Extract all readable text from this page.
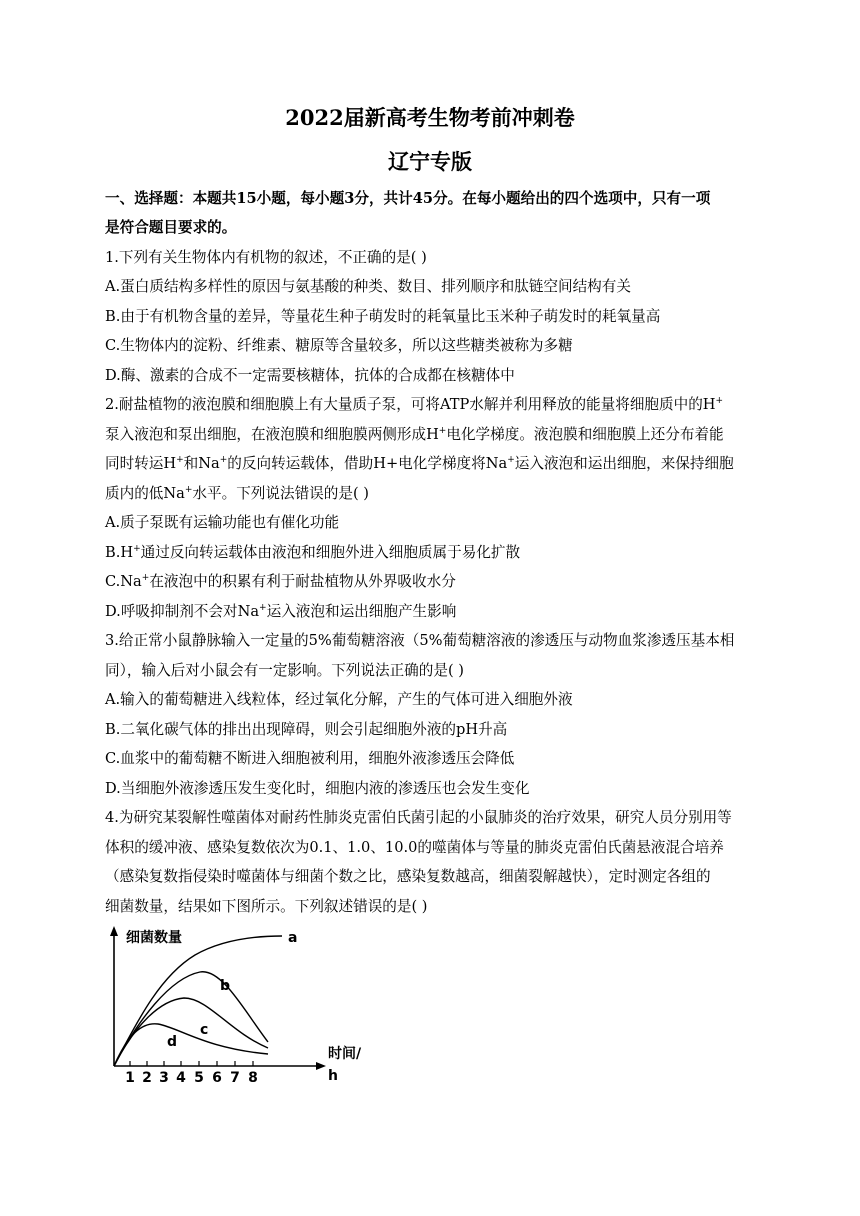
2022届新高考生物考前冲刺卷
辽宁专版
一、选择题：本题共15小题，每小题3分，共计45分。在每小题给出的四个选项中，只有一项
是符合题目要求的。
1.下列有关生物体内有机物的叙述，不正确的是( )
A.蛋白质结构多样性的原因与氨基酸的种类、数目、排列顺序和肽链空间结构有关
B.由于有机物含量的差异，等量花生种子萌发时的耗氧量比玉米种子萌发时的耗氧量高
C.生物体内的淀粉、纤维素、糖原等含量较多，所以这些糖类被称为多糖
D.酶、激素的合成不一定需要核糖体，抗体的合成都在核糖体中
2.耐盐植物的液泡膜和细胞膜上有大量质子泵，可将ATP水解并利用释放的能量将细胞质中的H+
泵入液泡和泵出细胞，在液泡膜和细胞膜两侧形成H+电化学梯度。液泡膜和细胞膜上还分布着能
同时转运H+和Na+的反向转运载体，借助H+电化学梯度将Na+运入液泡和运出细胞，来保持细胞
质内的低Na+水平。下列说法错误的是( )
A.质子泵既有运输功能也有催化功能
B.H+通过反向转运载体由液泡和细胞外进入细胞质属于易化扩散
C.Na+在液泡中的积累有利于耐盐植物从外界吸收水分
D.呼吸抑制剂不会对Na+运入液泡和运出细胞产生影响
3.给正常小鼠静脉输入一定量的5%葡萄糖溶液（5%葡萄糖溶液的渗透压与动物血浆渗透压基本相
同），输入后对小鼠会有一定影响。下列说法正确的是( )
A.输入的葡萄糖进入线粒体，经过氧化分解，产生的气体可进入细胞外液
B.二氧化碳气体的排出出现障碍，则会引起细胞外液的pH升高
C.血浆中的葡萄糖不断进入细胞被利用，细胞外液渗透压会降低
D.当细胞外液渗透压发生变化时，细胞内液的渗透压也会发生变化
4.为研究某裂解性噬菌体对耐药性肺炎克雷伯氏菌引起的小鼠肺炎的治疗效果，研究人员分别用等
体积的缓冲液、感染复数依次为0.1、1.0、10.0的噬菌体与等量的肺炎克雷伯氏菌悬液混合培养
（感染复数指侵染时噬菌体与细菌个数之比，感染复数越高，细菌裂解越快），定时测定各组的
细菌数量，结果如下图所示。下列叙述错误的是( )
细菌数量	a
b
c
d
时间/
h
1 2 3 4 5 6 7 8
